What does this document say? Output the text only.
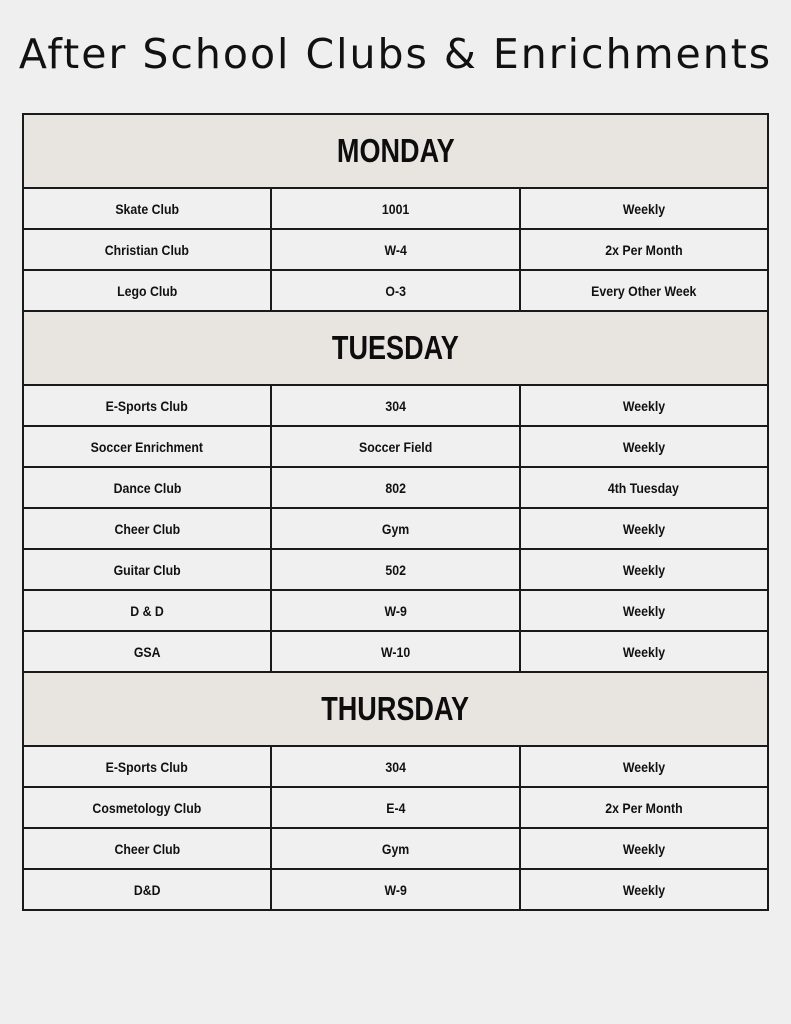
After School Clubs & Enrichments
MONDAY
Skate Club	1001	Weekly
Christian Club	W-4	2x Per Month
Lego Club	O-3	Every Other Week
TUESDAY
E-Sports Club	304	Weekly
Soccer Enrichment	Soccer Field	Weekly
Dance Club	802	4th Tuesday
Cheer Club	Gym	Weekly
Guitar Club	502	Weekly
D & D	W-9	Weekly
GSA	W-10	Weekly
THURSDAY
E-Sports Club	304	Weekly
Cosmetology Club	E-4	2x Per Month
Cheer Club	Gym	Weekly
D&D	W-9	Weekly
